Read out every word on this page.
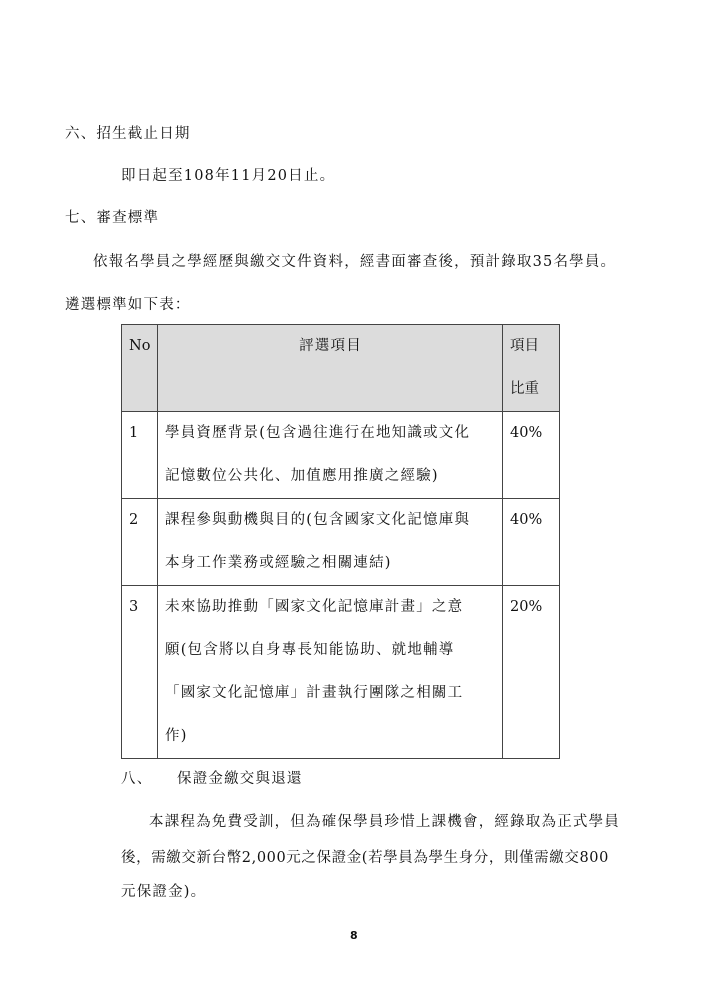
六、招生截止日期
即日起至108年11月20日止。
七、審查標準
依報名學員之學經歷與繳交文件資料，經書面審查後，預計錄取35名學員。
遴選標準如下表：
No	評選項目	項目
比重

1	學員資歷背景(包含過往進行在地知識或文化
記憶數位公共化、加值應用推廣之經驗)	40%

2	課程參與動機與目的(包含國家文化記憶庫與
本身工作業務或經驗之相關連結)	40%

3	未來協助推動「國家文化記憶庫計畫」之意
願(包含將以自身專長知能協助、就地輔導
「國家文化記憶庫」計畫執行團隊之相關工
作)	20%
八、 保證金繳交與退還
本課程為免費受訓，但為確保學員珍惜上課機會，經錄取為正式學員
後，需繳交新台幣2,000元之保證金(若學員為學生身分，則僅需繳交800
元保證金)。
8
